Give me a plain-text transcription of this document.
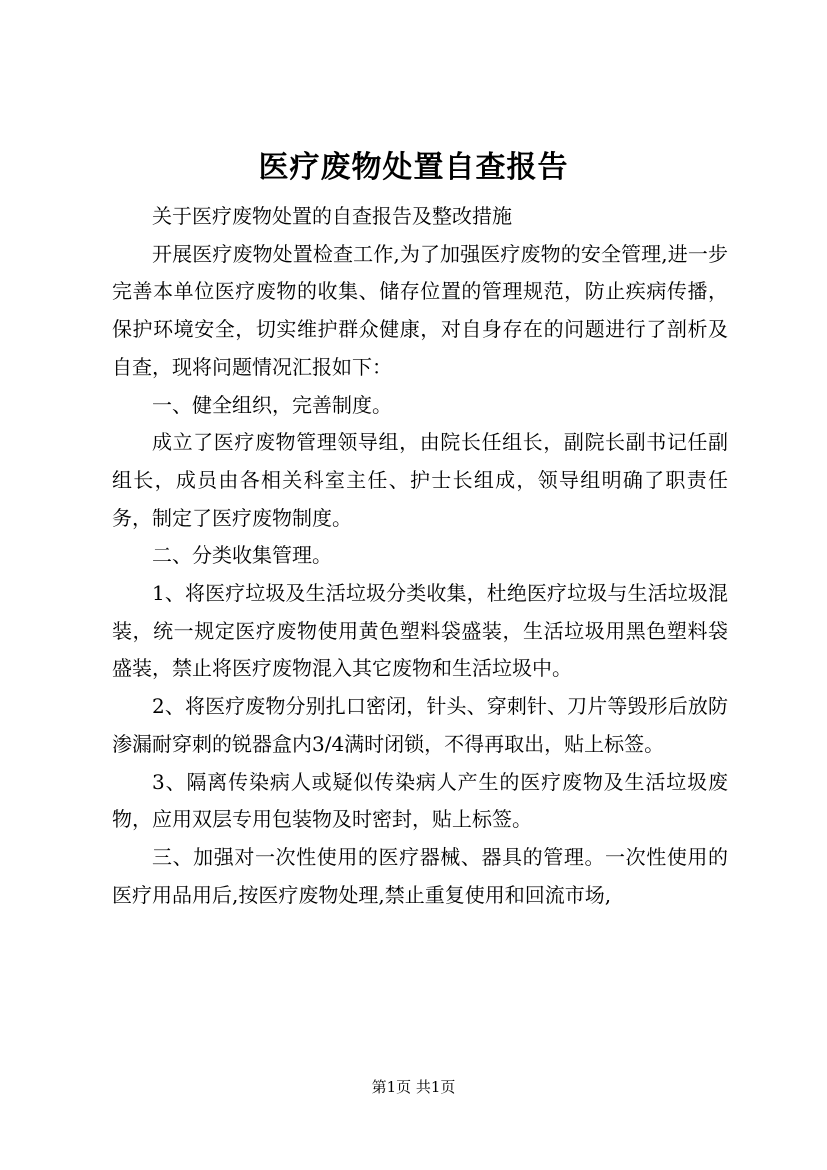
医疗废物处置自查报告

关于医疗废物处置的自查报告及整改措施

开展医疗废物处置检查工作,为了加强医疗废物的安全管理,进一步完善本单位医疗废物的收集、储存位置的管理规范，防止疾病传播，保护环境安全，切实维护群众健康，对自身存在的问题进行了剖析及自查，现将问题情况汇报如下：

一、健全组织，完善制度。

成立了医疗废物管理领导组，由院长任组长，副院长副书记任副组长，成员由各相关科室主任、护士长组成，领导组明确了职责任务，制定了医疗废物制度。

二、分类收集管理。

1、将医疗垃圾及生活垃圾分类收集，杜绝医疗垃圾与生活垃圾混装，统一规定医疗废物使用黄色塑料袋盛装，生活垃圾用黑色塑料袋盛装，禁止将医疗废物混入其它废物和生活垃圾中。

2、将医疗废物分别扎口密闭，针头、穿刺针、刀片等毁形后放防渗漏耐穿刺的锐器盒内3/4满时闭锁，不得再取出，贴上标签。

3、隔离传染病人或疑似传染病人产生的医疗废物及生活垃圾废物，应用双层专用包装物及时密封，贴上标签。

三、加强对一次性使用的医疗器械、器具的管理。一次性使用的医疗用品用后,按医疗废物处理,禁止重复使用和回流市场,

第1页 共1页
